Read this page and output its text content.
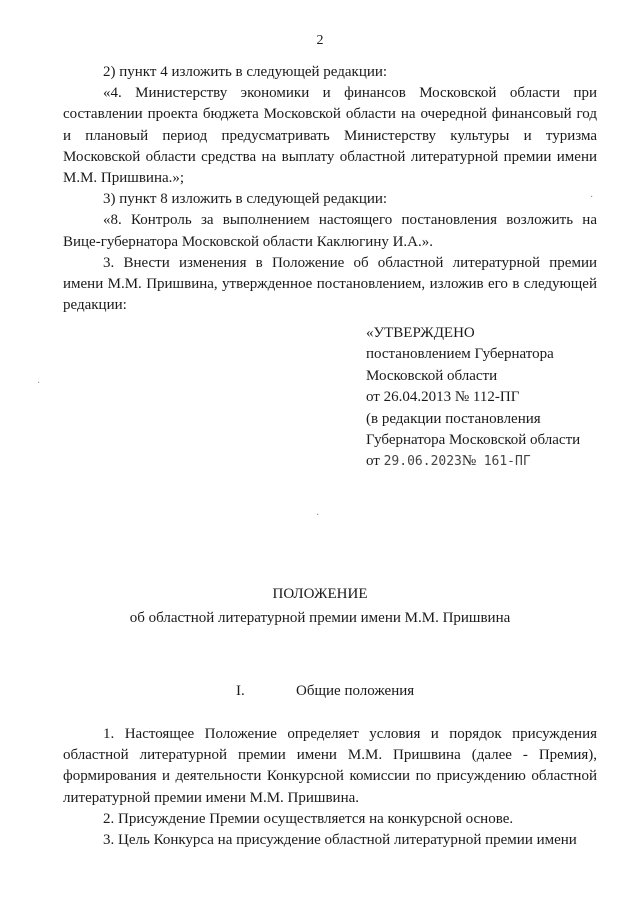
2

2) пункт 4 изложить в следующей редакции:

«4. Министерству экономики и финансов Московской области при составлении проекта бюджета Московской области на очередной финансовый год и плановый период предусматривать Министерству культуры и туризма Московской области средства на выплату областной литературной премии имени М.М. Пришвина.»;

3) пункт 8 изложить в следующей редакции:

«8. Контроль за выполнением настоящего постановления возложить на Вице-губернатора Московской области Каклюгину И.А.».

3. Внести изменения в Положение об областной литературной премии имени М.М. Пришвина, утвержденное постановлением, изложив его в следующей редакции:

«УТВЕРЖДЕНО
постановлением Губернатора
Московской области
от 26.04.2013 № 112-ПГ
(в редакции постановления
Губернатора Московской области
от 29.06.2023№ 161-ПГ
ПОЛОЖЕНИЕ
об областной литературной премии имени М.М. Пришвина
I.	Общие положения

1. Настоящее Положение определяет условия и порядок присуждения областной литературной премии имени М.М. Пришвина (далее - Премия), формирования и деятельности Конкурсной комиссии по присуждению областной литературной премии имени М.М. Пришвина.

2. Присуждение Премии осуществляется на конкурсной основе.

3. Цель Конкурса на присуждение областной литературной премии имени

·
·
·
